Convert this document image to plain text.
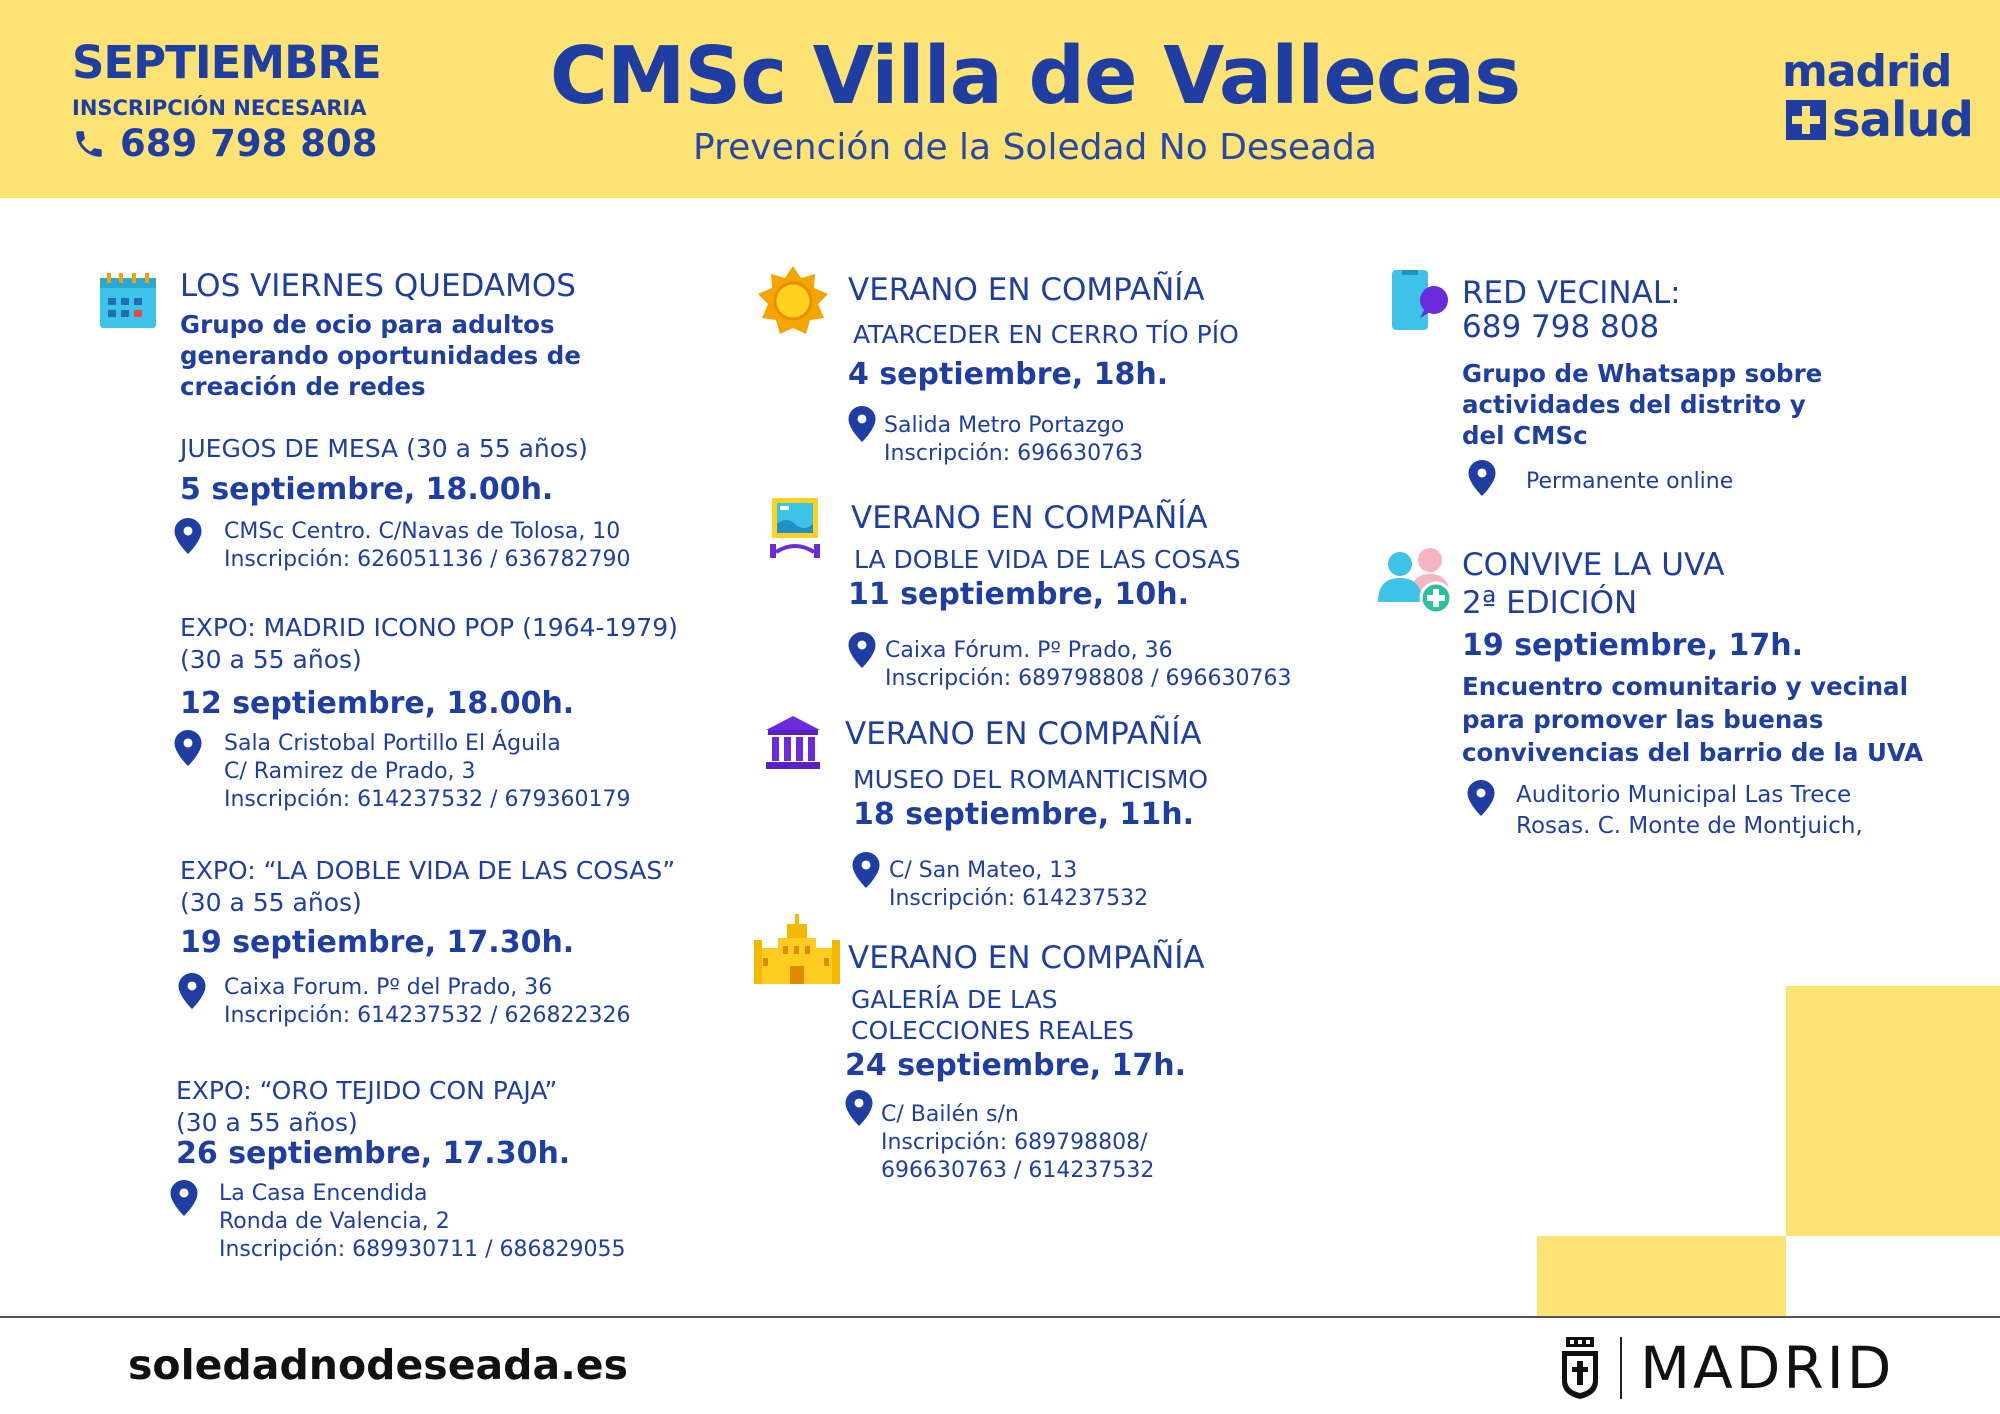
SEPTIEMBRE
INSCRIPCIÓN NECESARIA
689 798 808
CMSc Villa de Vallecas
Prevención de la Soledad No Deseada
madrid
salud
LOS VIERNES QUEDAMOS
Grupo de ocio para adultos
generando oportunidades de
creación de redes
JUEGOS DE MESA (30 a 55 años)
5 septiembre, 18.00h.
CMSc Centro. C/Navas de Tolosa, 10
Inscripción: 626051136 / 636782790
EXPO: MADRID ICONO POP (1964-1979)
(30 a 55 años)
12 septiembre, 18.00h.
Sala Cristobal Portillo El Águila
C/ Ramirez de Prado, 3
Inscripción: 614237532 / 679360179
EXPO: “LA DOBLE VIDA DE LAS COSAS”
(30 a 55 años)
19 septiembre, 17.30h.
Caixa Forum. Pº del Prado, 36
Inscripción: 614237532 / 626822326
EXPO: “ORO TEJIDO CON PAJA”
(30 a 55 años)
26 septiembre, 17.30h.
La Casa Encendida
Ronda de Valencia, 2
Inscripción: 689930711 / 686829055
VERANO EN COMPAÑÍA
ATARCEDER EN CERRO TÍO PÍO
4 septiembre, 18h.
Salida Metro Portazgo
Inscripción: 696630763
VERANO EN COMPAÑÍA
LA DOBLE VIDA DE LAS COSAS
11 septiembre, 10h.
Caixa Fórum. Pº Prado, 36
Inscripción: 689798808 / 696630763
VERANO EN COMPAÑÍA
MUSEO DEL ROMANTICISMO
18 septiembre, 11h.
C/ San Mateo, 13
Inscripción: 614237532
VERANO EN COMPAÑÍA
GALERÍA DE LAS
COLECCIONES REALES
24 septiembre, 17h.
C/ Bailén s/n
Inscripción: 689798808/
696630763 / 614237532
RED VECINAL:
689 798 808
Grupo de Whatsapp sobre
actividades del distrito y
del CMSc
Permanente online
CONVIVE LA UVA
2ª EDICIÓN
19 septiembre, 17h.
Encuentro comunitario y vecinal
para promover las buenas
convivencias del barrio de la UVA
Auditorio Municipal Las Trece
Rosas. C. Monte de Montjuich,
soledadnodeseada.es	MADRID
